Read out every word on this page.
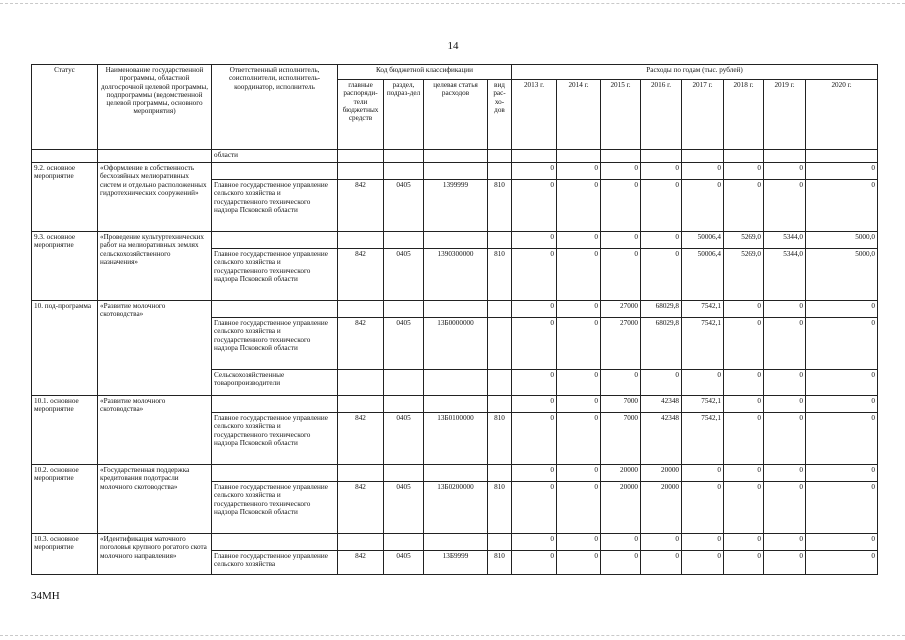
14
Статус	Наименование государственной программы, областной долгосрочной целевой программы, подпрограммы (ведомственной целевой программы, основного мероприятия)	Ответственный исполнитель, соисполнители, исполнитель-координатор, исполнитель	Код бюджетной классификации				Расходы по годам (тыс. рублей)							
			главные распоряди-тели бюджетных средств	раздел, подраз-дел	целевая статья расходов	вид рас-хо-дов	2013 г.	2014 г.	2015 г.	2016 г.	2017 г.	2018 г.	2019 г.	2020 г.
		области												
9.2. основное мероприятие	«Оформление в собственность бесхозяйных мелиоративных систем и отдельно расположенных гидротехнических сооружений»						0	0	0	0	0	0	0	0
		Главное государственное управление сельского хозяйства и государственного технического надзора Псковской области	842	0405	1399999	810	0	0	0	0	0	0	0	0
9.3. основное мероприятие	«Проведение культуртехнических работ на мелиоративных землях сельскохозяйственного назначения»						0	0	0	0	50006,4	5269,0	5344,0	5000,0
		Главное государственное управление сельского хозяйства и государственного технического надзора Псковской области	842	0405	1390300000	810	0	0	0	0	50006,4	5269,0	5344,0	5000,0
10. под-программа	«Развитие молочного скотоводства»						0	0	27000	68029,8	7542,1	0	0	0
		Главное государственное управление сельского хозяйства и государственного технического надзора Псковской области	842	0405	13Б0000000		0	0	27000	68029,8	7542,1	0	0	0
		Сельскохозяйственные товаропроизводители					0	0	0	0	0	0	0	0
10.1. основное мероприятие	«Развитие молочного скотоводства»						0	0	7000	42348	7542,1	0	0	0
		Главное государственное управление сельского хозяйства и государственного технического надзора Псковской области	842	0405	13Б0100000	810	0	0	7000	42348	7542,1	0	0	0
10.2. основное мероприятие	«Государственная поддержка кредитования подотрасли молочного скотоводства»						0	0	20000	20000	0	0	0	0
		Главное государственное управление сельского хозяйства и государственного технического надзора Псковской области	842	0405	13Б0200000	810	0	0	20000	20000	0	0	0	0
10.3. основное мероприятие	«Идентификация маточного поголовья крупного рогатого скота молочного направления»						0	0	0	0	0	0	0	0
		Главное государственное управление сельского хозяйства	842	0405	13Б9999	810	0	0	0	0	0	0	0	0
34МН
